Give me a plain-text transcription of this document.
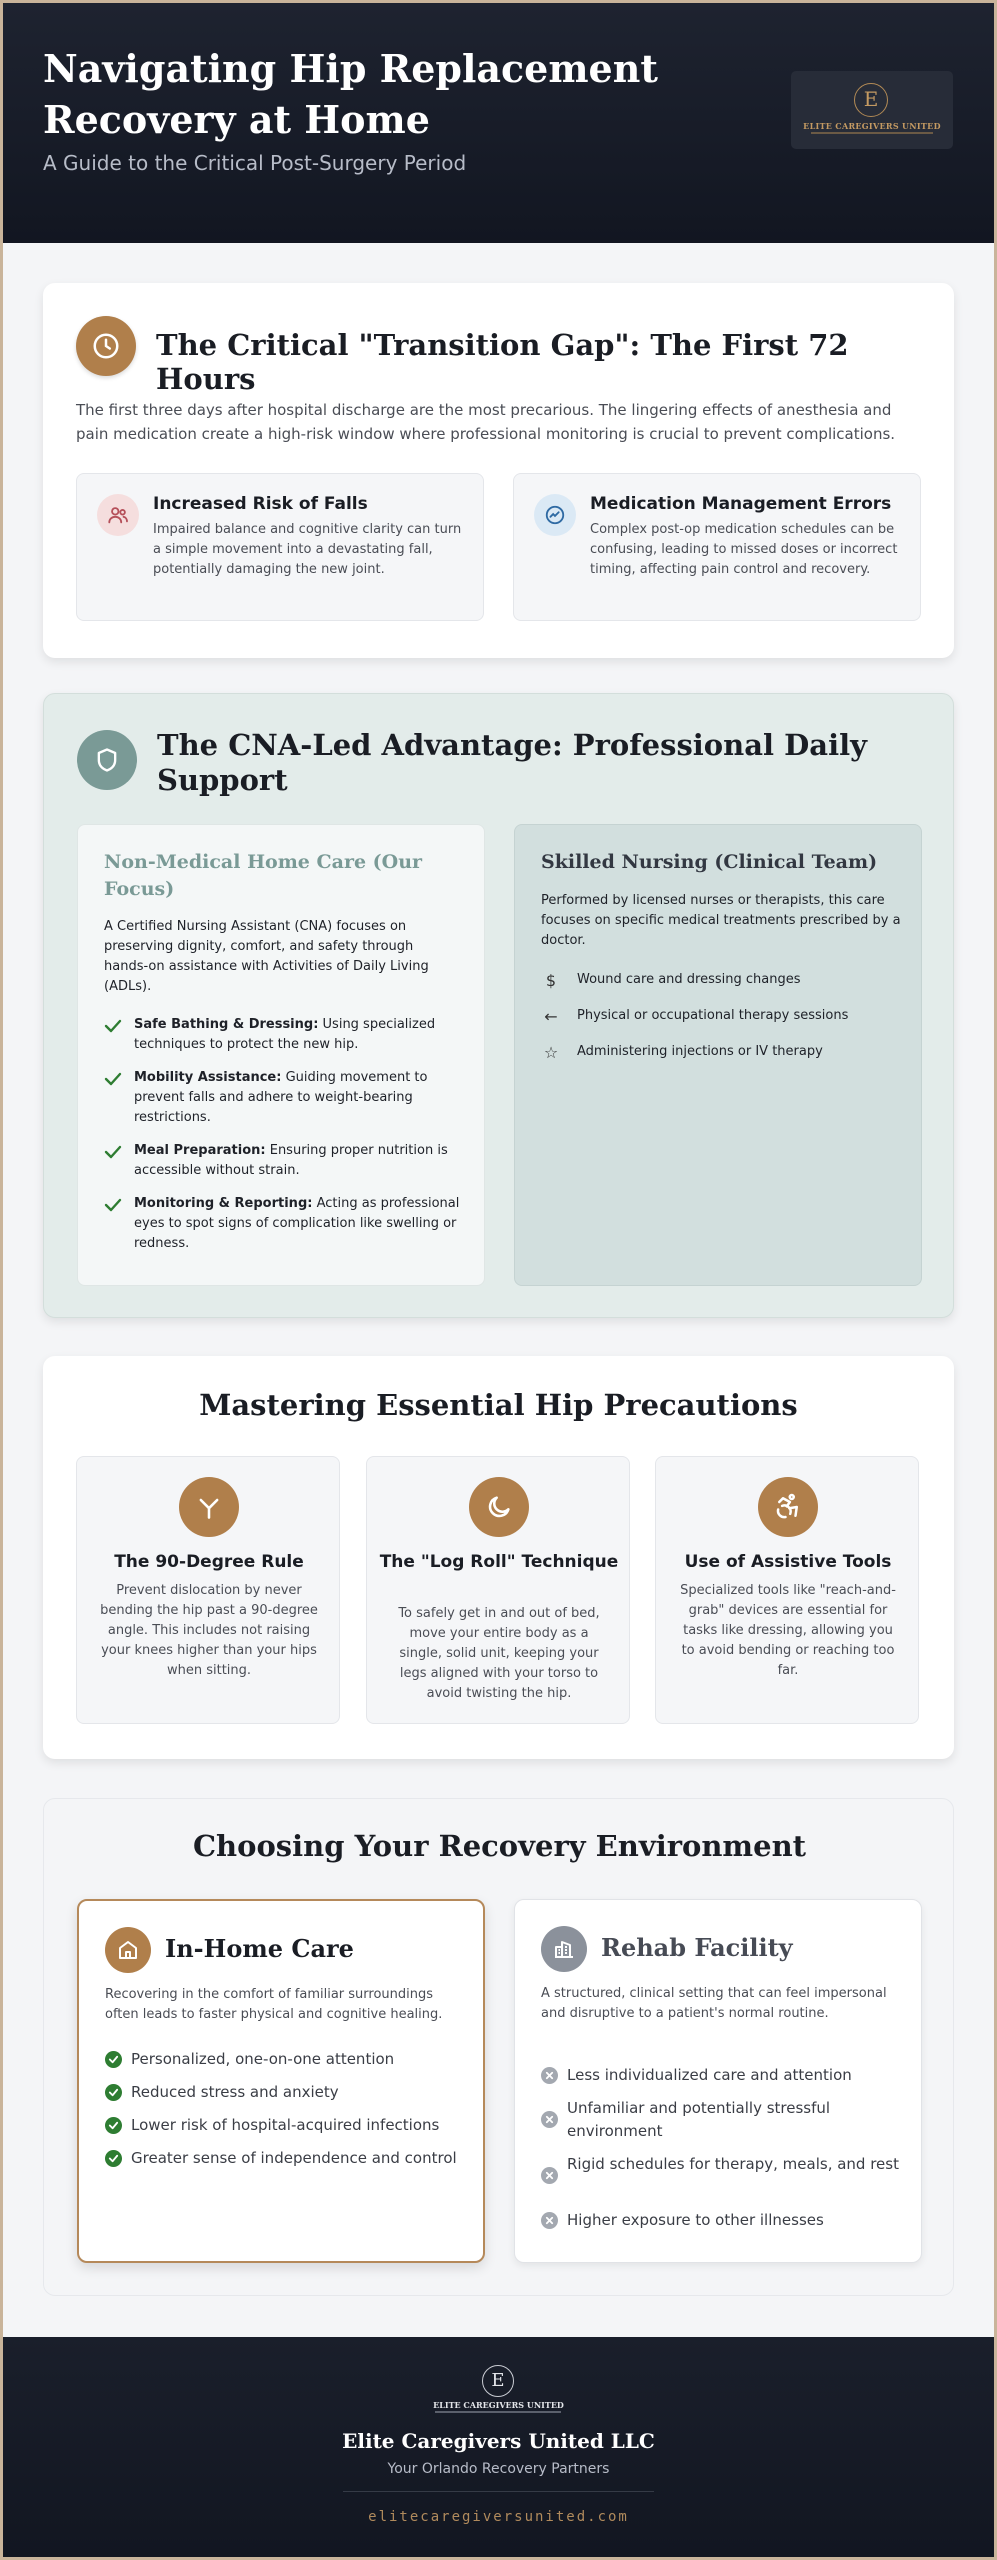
Navigating Hip Replacement Recovery at Home
A Guide to the Critical Post-Surgery Period
E
ELITE CAREGIVERS UNITED
The Critical "Transition Gap": The First 72 Hours
The first three days after hospital discharge are the most precarious. The lingering effects of anesthesia and pain medication create a high-risk window where professional monitoring is crucial to prevent complications.
Increased Risk of Falls
Impaired balance and cognitive clarity can turn a simple movement into a devastating fall, potentially damaging the new joint.
Medication Management Errors
Complex post-op medication schedules can be confusing, leading to missed doses or incorrect timing, affecting pain control and recovery.
The CNA-Led Advantage: Professional Daily Support
Non-Medical Home Care (Our Focus)
A Certified Nursing Assistant (CNA) focuses on preserving dignity, comfort, and safety through hands-on assistance with Activities of Daily Living (ADLs).
Safe Bathing & Dressing: Using specialized techniques to protect the new hip.
Mobility Assistance: Guiding movement to prevent falls and adhere to weight-bearing restrictions.
Meal Preparation: Ensuring proper nutrition is accessible without strain.
Monitoring & Reporting: Acting as professional eyes to spot signs of complication like swelling or redness.
Skilled Nursing (Clinical Team)
Performed by licensed nurses or therapists, this care focuses on specific medical treatments prescribed by a doctor.
$	Wound care and dressing changes
← Physical or occupational therapy sessions
☆ Administering injections or IV therapy
Mastering Essential Hip Precautions
The 90-Degree Rule
Prevent dislocation by never bending the hip past a 90-degree angle. This includes not raising your knees higher than your hips when sitting.
The "Log Roll" Technique
To safely get in and out of bed, move your entire body as a single, solid unit, keeping your legs aligned with your torso to avoid twisting the hip.
Use of Assistive Tools
Specialized tools like "reach-and-grab" devices are essential for tasks like dressing, allowing you to avoid bending or reaching too far.
Choosing Your Recovery Environment
In-Home Care
Recovering in the comfort of familiar surroundings often leads to faster physical and cognitive healing.
Personalized, one-on-one attention
Reduced stress and anxiety
Lower risk of hospital-acquired infections
Greater sense of independence and control
Rehab Facility
A structured, clinical setting that can feel impersonal and disruptive to a patient's normal routine.
Less individualized care and attention
Unfamiliar and potentially stressful environment
Rigid schedules for therapy, meals, and rest
Higher exposure to other illnesses
E
ELITE CAREGIVERS UNITED
Elite Caregivers United LLC
Your Orlando Recovery Partners
elitecaregiversunited.com
